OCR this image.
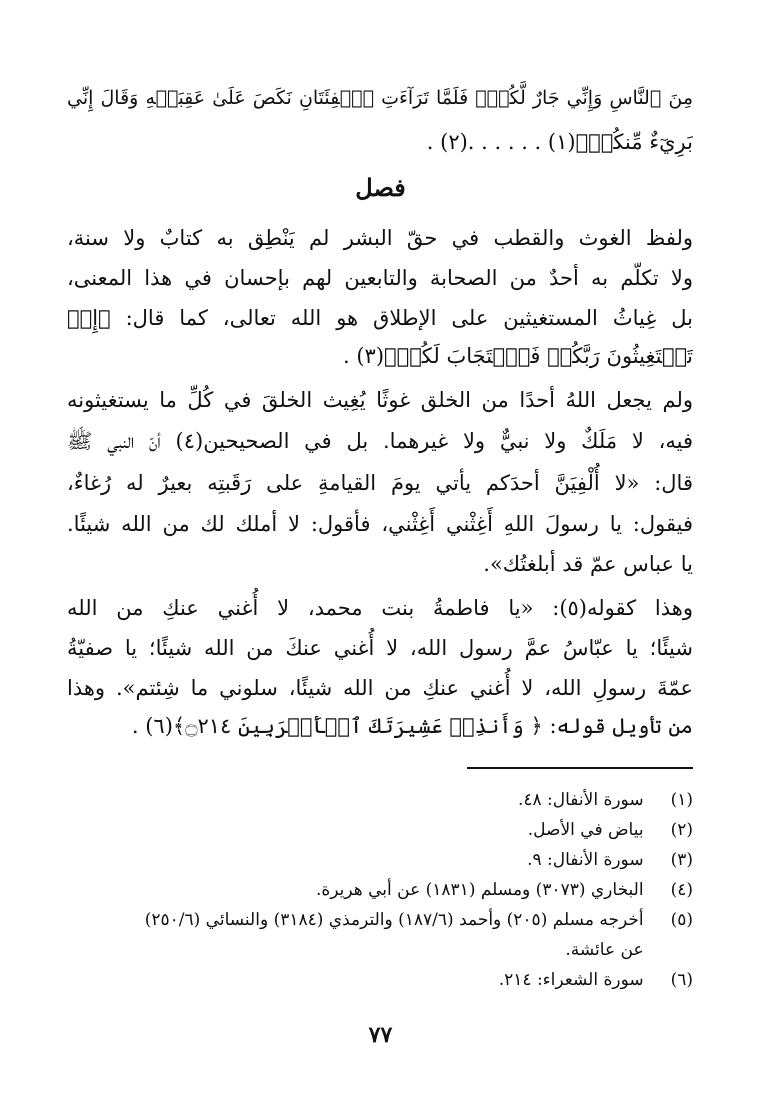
مِنَ ٱلنَّاسِ وَإِنِّي جَارٌ لَّكُمْۖ فَلَمَّا تَرَآءَتِ ٱلۡفِئَتَانِ نَكَصَ عَلَىٰ عَقِبَيۡهِ وَقَالَ إِنِّي
بَرِيٓءٌ مِّنكُمۡ﴾(١) . . . . . .(٢) .
فصل
ولفظ الغوث والقطب في حقّ البشر لم يَنْطِق به كتابٌ ولا سنة،
ولا تكلّم به أحدٌ من الصحابة والتابعين لهم بإحسان في هذا المعنى،
بل غِياثُ المستغيثين على الإطلاق هو الله تعالى، كما قال: ﴿إِذۡ
تَسۡتَغِيثُونَ رَبَّكُمۡ فَٱسۡتَجَابَ لَكُمۡ﴾(٣) .
ولم يجعل اللهُ أحدًا من الخلق غوثًا يُغِيث الخلقَ في كُلِّ ما يستغيثونه
فيه، لا مَلَكٌ ولا نبيٌّ ولا غيرهما. بل في الصحيحين(٤) أنّ النبي ﷺ
قال: «لا أُلْفِيَنَّ أحدَكم يأتي يومَ القيامةِ على رَقَبتِه بعيرٌ له رُغاءٌ،
فيقول: يا رسولَ اللهِ أَغِثْني أَغِثْني، فأقول: لا أملك لك من الله شيئًا.
يا عباس عمّ قد أبلغتُك».
وهذا كقوله(٥): «يا فاطمةُ بنت محمد، لا أُغني عنكِ من الله
شيئًا؛ يا عبّاسُ عمَّ رسول الله، لا أُغني عنكَ من الله شيئًا؛ يا صفيّةُ
عمّةَ رسولِ الله، لا أُغني عنكِ من الله شيئًا، سلوني ما شِئتم». وهذا
من تأويل قوله: ﴿ وَأَنذِرۡ عَشِيرَتَكَ ٱلۡأَقۡرَبِينَ ۝٢١٤﴾(٦) .
(١) سورة الأنفال: ٤٨.
(٢) بياض في الأصل.
(٣) سورة الأنفال: ٩.
(٤) البخاري (٣٠٧٣) ومسلم (١٨٣١) عن أبي هريرة.
(٥) أخرجه مسلم (٢٠٥) وأحمد (١٨٧/٦) والترمذي (٣١٨٤) والنسائي (٢٥٠/٦)
عن عائشة.
(٦) سورة الشعراء: ٢١٤.
٧٧
